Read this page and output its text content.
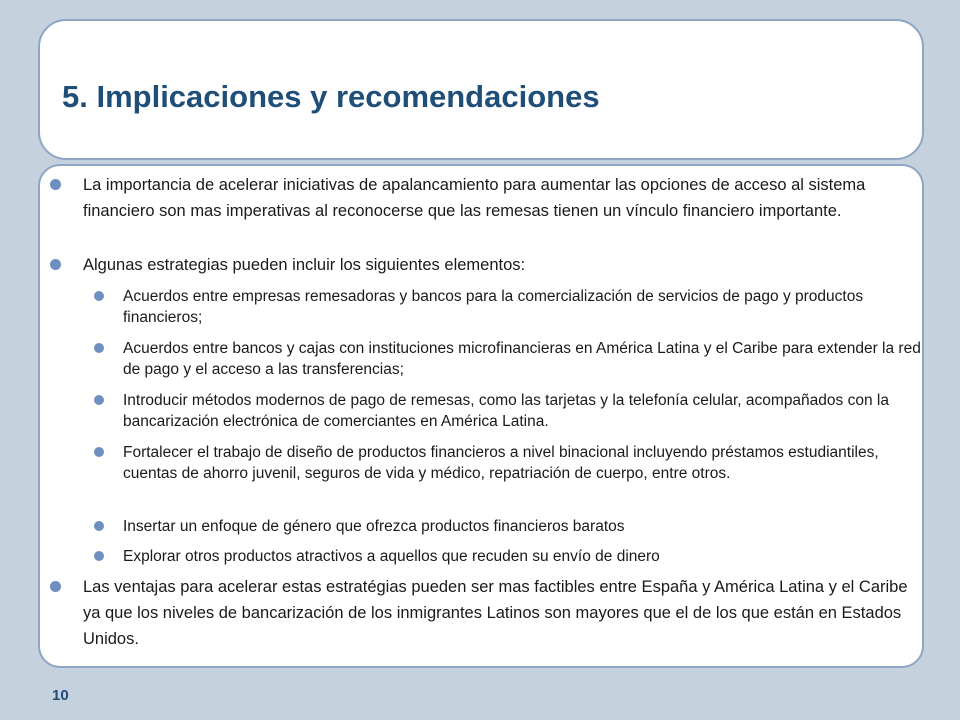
5. Implicaciones y recomendaciones
La importancia de acelerar iniciativas de apalancamiento para aumentar las opciones de acceso al sistema financiero son mas imperativas al reconocerse que las remesas tienen un vínculo financiero importante.
Algunas estrategias pueden incluir los siguientes elementos:
Acuerdos entre empresas remesadoras y bancos para la comercialización de servicios de pago y productos financieros;
Acuerdos entre bancos y cajas con instituciones microfinancieras en América Latina y el Caribe para extender la red de pago y el acceso a las transferencias;
Introducir métodos modernos de pago de remesas, como las tarjetas y la telefonía celular, acompañados con la bancarización electrónica de comerciantes en América Latina.
Fortalecer el trabajo de diseño de productos financieros a nivel binacional incluyendo préstamos estudiantiles, cuentas de ahorro juvenil, seguros de vida y médico, repatriación de cuerpo, entre otros.
Insertar un enfoque de género que ofrezca productos financieros baratos
Explorar otros productos atractivos a aquellos que recuden su envío de dinero
Las ventajas para acelerar estas estratégias pueden ser mas factibles entre España y América Latina y el Caribe ya que los niveles de bancarización de los inmigrantes Latinos son mayores que el de los que están en Estados Unidos.

10
